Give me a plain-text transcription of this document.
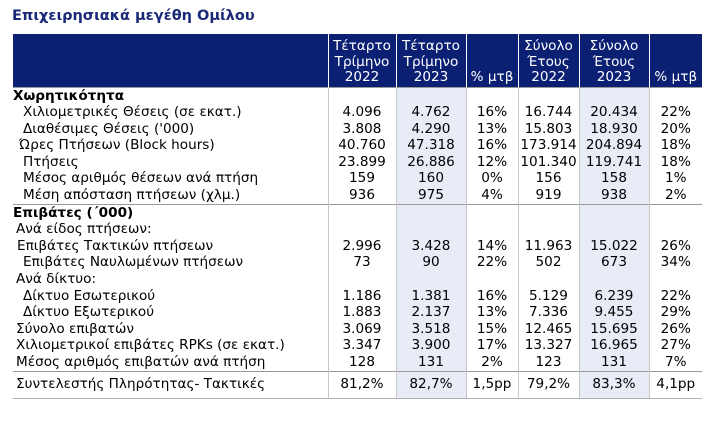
Επιχειρησιακά μεγέθη Ομίλου
	Τέταρτο Τρίμηνο 2022	Τέταρτο Τρίμηνο 2023	% μτβ	Σύνολο Έτους 2022	Σύνολο Έτους 2023	% μτβ
Χωρητικότητα						
Χιλιομετρικές Θέσεις (σε εκατ.)	4.096	4.762	16%	16.744	20.434	22%
Διαθέσιμες Θέσεις ('000)	3.808	4.290	13%	15.803	18.930	20%
Ώρες Πτήσεων (Block hours)	40.760	47.318	16%	173.914	204.894	18%
Πτήσεις	23.899	26.886	12%	101.340	119.741	18%
Μέσος αριθμός θέσεων ανά πτήση	159	160	0%	156	158	1%
Μέση απόσταση πτήσεων (χλμ.)	936	975	4%	919	938	2%
Επιβάτες (΄000)						
Ανά είδος πτήσεων:						
Επιβάτες Τακτικών πτήσεων	2.996	3.428	14%	11.963	15.022	26%
Επιβάτες Ναυλωμένων πτήσεων	73	90	22%	502	673	34%
Ανά δίκτυο:						
Δίκτυο Εσωτερικού	1.186	1.381	16%	5.129	6.239	22%
Δίκτυο Εξωτερικού	1.883	2.137	13%	7.336	9.455	29%
Σύνολο επιβατών	3.069	3.518	15%	12.465	15.695	26%
Χιλιομετρικοί επιβάτες RPKs (σε εκατ.)	3.347	3.900	17%	13.327	16.965	27%
Μέσος αριθμός επιβατών ανά πτήση	128	131	2%	123	131	7%
Συντελεστής Πληρότητας- Τακτικές	81,2%	82,7%	1,5pp	79,2%	83,3%	4,1pp
